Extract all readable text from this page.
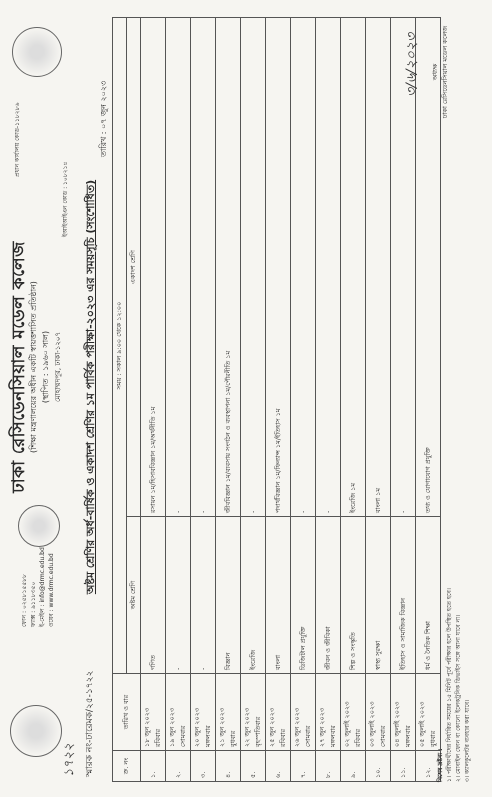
ফোন : ০২৫৮১৫৫৮৮ ফ্যাক্স : ৯১১৮৩৫০ ই-মেইল : info@drmc.edu.bd ওয়েব : www.drmc.edu.bd
ঢাকা রেসিডেনসিয়াল মডেল কলেজ (শিক্ষা মন্ত্রণালয়ের অধীন একটি স্বায়ত্তশাসিত প্রতিষ্ঠান) (স্থাপিত : ১৯৬০ সাল) মোহাম্মদপুর, ঢাকা-১২০৭
প্রধান কার্যালয় কোড-১১৮২৮৬
ইআইআইএন কোড : ১০৮২১৪
১৭২২ স্মারক নং-ঢারেমক/২৫-১৭২২
অষ্টম শ্রেণির অর্ধ-বার্ষিক ও একাদশ শ্রেণির ১ম পার্বিক পরীক্ষা-২০২৩ এর সময়সূচি (সংশোধিত)
তারিখ : ০৭ জুন ২০২৩
ক্র. নং	তারিখ ও বার	সময় : সকাল ৯:০০ থেকে ১২:০০	
		অষ্টম শ্রেণি	একাদশ শ্রেণি
১.	১৮ জুন ২০২৩ রবিবার	গণিত	রসায়ন ১ম/হিসাববিজ্ঞান ১ম/অর্থনীতি ১ম
২.	১৯ জুন ২০২৩ সোমবার	-	-
৩.	২০ জুন ২০২৩ মঙ্গলবার	-	-
৪.	২১ জুন ২০২৩ বুধবার	বিজ্ঞান	জীববিজ্ঞান ১ম/ব্যবসায় সংগঠন ও ব্যবস্থাপনা ১ম/পৌরনীতি ১ম
৫.	২২ জুন ২০২৩ বৃহস্পতিবার	ইংরেজি	-
৬.	২৫ জুন ২০২৩ রবিবার	বাংলা	পদার্থবিজ্ঞান ১ম/ফিন্যান্স ১ম/ইতিহাস ১ম
৭.	২৬ জুন ২০২৩ সোমবার	ডিজিটাল প্রযুক্তি	-
৮.	২৭ জুন ২০২৩ মঙ্গলবার	জীবন ও জীবিকা	-
৯.	০২ জুলাই ২০২৩ রবিবার	শিল্প ও সংস্কৃতি	ইংরেজি ১ম
১০.	০৩ জুলাই ২০২৩ সোমবার	স্বাস্থ্য সুরক্ষা	বাংলা ১ম
১১.	০৪ জুলাই ২০২৩ মঙ্গলবার	ইতিহাস ও সামাজিক বিজ্ঞান	-
১২.	০৫ জুলাই ২০২৩ বুধবার	ধর্ম ও নৈতিক শিক্ষা	তথ্য ও যোগাযোগ প্রযুক্তি
বিশেষ দ্রষ্টব্য : ১। পরীক্ষার্থীদের নির্ধারিত সময়ের ১৫ মিনিট পূর্বে পরীক্ষার হলে উপস্থিত হতে হবে। ২। মোবাইল ফোন বা কোনো ইলেকট্রনিক ডিভাইস সঙ্গে আনা যাবে না। ৩। ক্যালকুলেটর ব্যবহার করা যাবে।
৩/৬/২০২৩	অধ্যক্ষ ঢাকা রেসিডেনসিয়াল মডেল কলেজ
